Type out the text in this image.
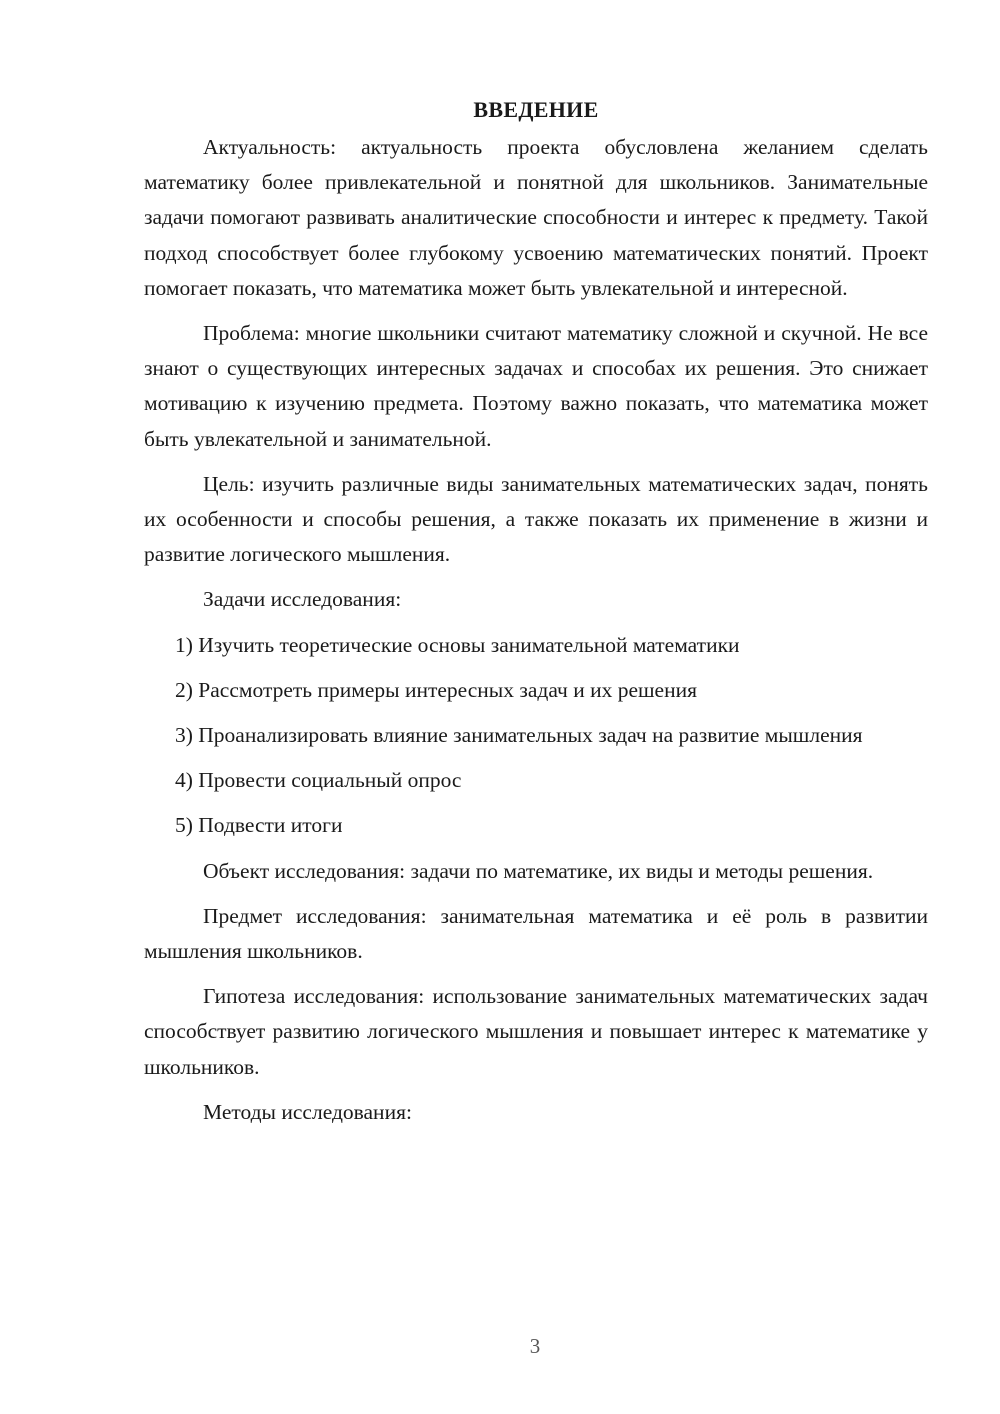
ВВЕДЕНИЕ

Актуальность: актуальность проекта обусловлена желанием сделать математику более привлекательной и понятной для школьников. Занимательные задачи помогают развивать аналитические способности и интерес к предмету. Такой подход способствует более глубокому усвоению математических понятий. Проект помогает показать, что математика может быть увлекательной и интересной.

Проблема: многие школьники считают математику сложной и скучной. Не все знают о существующих интересных задачах и способах их решения. Это снижает мотивацию к изучению предмета. Поэтому важно показать, что математика может быть увлекательной и занимательной.

Цель: изучить различные виды занимательных математических задач, понять их особенности и способы решения, а также показать их применение в жизни и развитие логического мышления.

Задачи исследования:

1) Изучить теоретические основы занимательной математики

2) Рассмотреть примеры интересных задач и их решения

3) Проанализировать влияние занимательных задач на развитие мышления

4) Провести социальный опрос

5) Подвести итоги

Объект исследования: задачи по математике, их виды и методы решения.

Предмет исследования: занимательная математика и её роль в развитии мышления школьников.

Гипотеза исследования: использование занимательных математических задач способствует развитию логического мышления и повышает интерес к математике у школьников.

Методы исследования:

3
